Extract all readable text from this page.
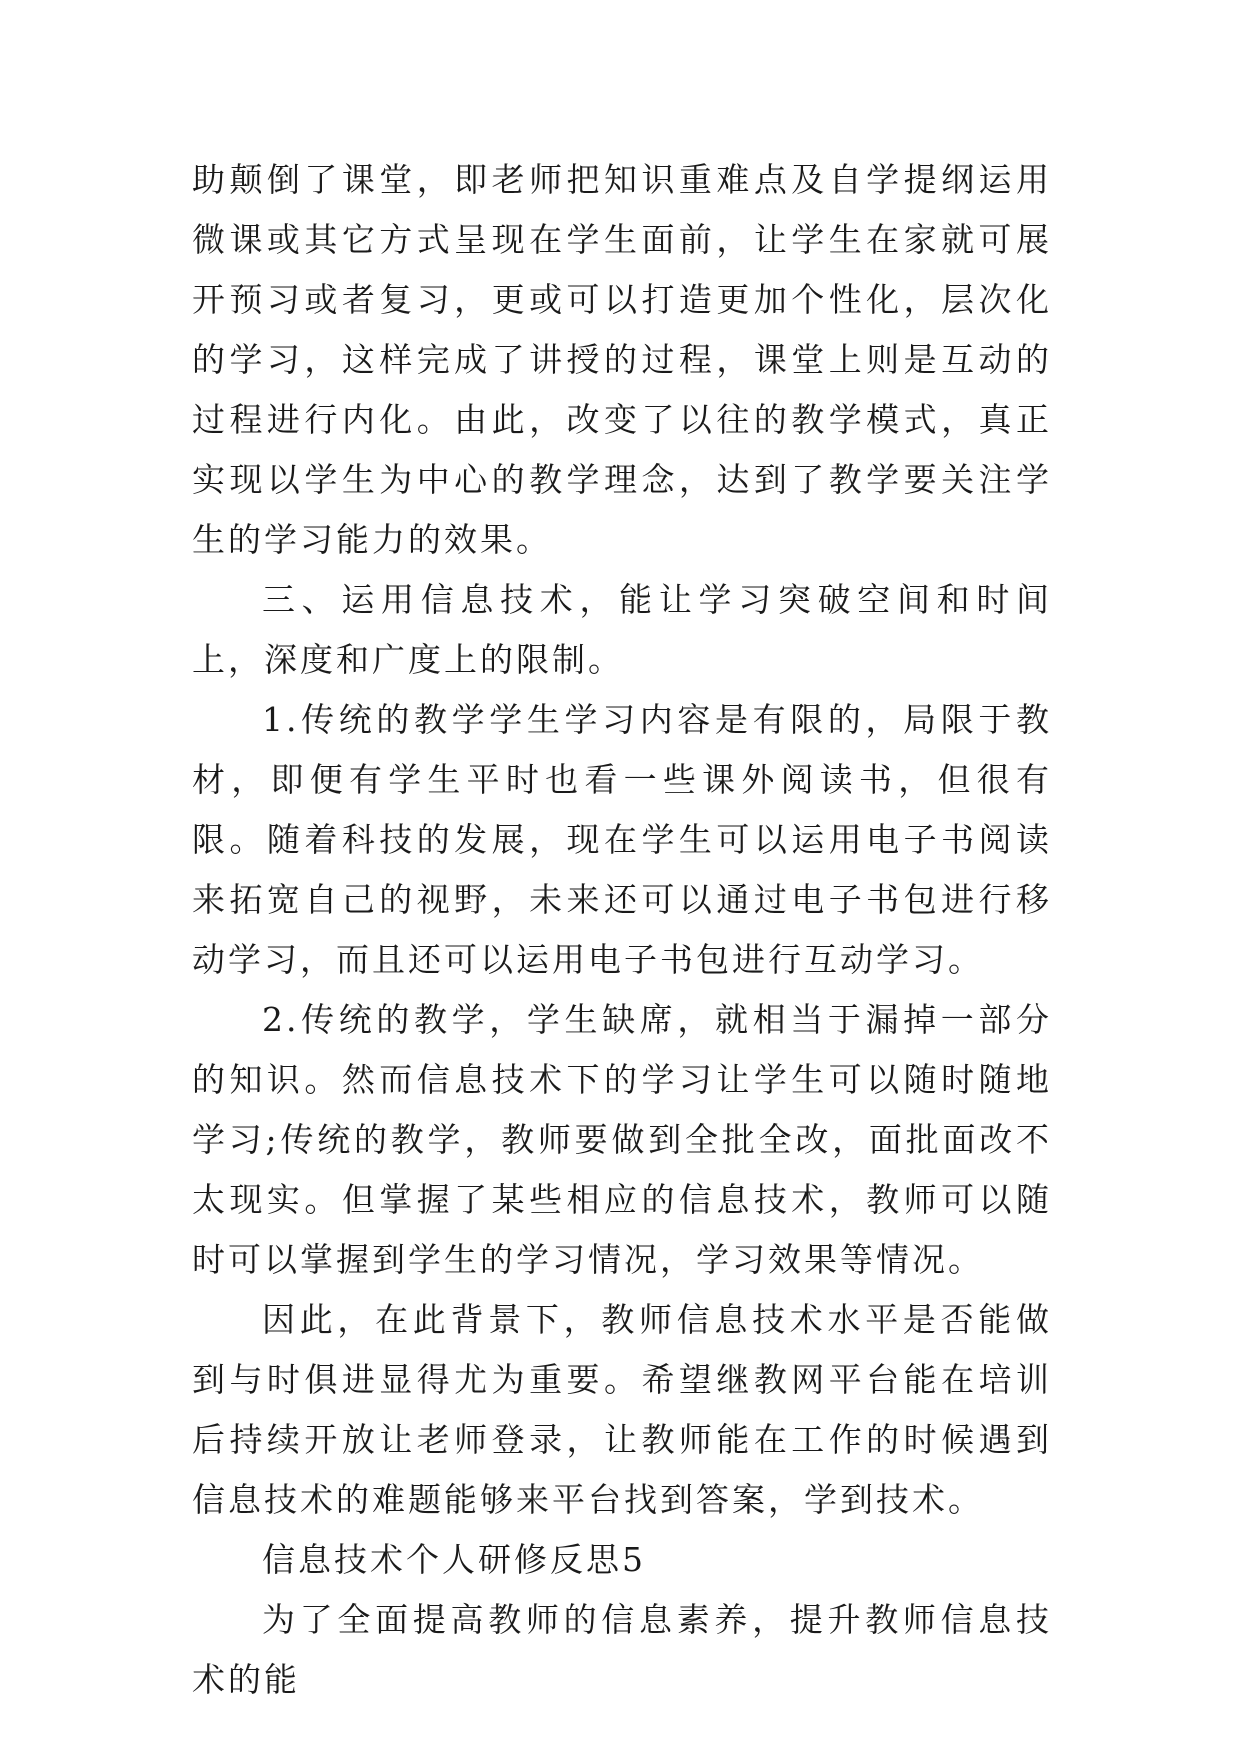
助颠倒了课堂，即老师把知识重难点及自学提纲运用微课或其它方式呈现在学生面前，让学生在家就可展开预习或者复习，更或可以打造更加个性化，层次化的学习，这样完成了讲授的过程，课堂上则是互动的过程进行内化。由此，改变了以往的教学模式，真正实现以学生为中心的教学理念，达到了教学要关注学生的学习能力的效果。

三、运用信息技术，能让学习突破空间和时间上，深度和广度上的限制。

1.传统的教学学生学习内容是有限的，局限于教材，即便有学生平时也看一些课外阅读书，但很有限。随着科技的发展，现在学生可以运用电子书阅读来拓宽自己的视野，未来还可以通过电子书包进行移动学习，而且还可以运用电子书包进行互动学习。

2.传统的教学，学生缺席，就相当于漏掉一部分的知识。然而信息技术下的学习让学生可以随时随地学习;传统的教学，教师要做到全批全改，面批面改不太现实。但掌握了某些相应的信息技术，教师可以随时可以掌握到学生的学习情况，学习效果等情况。

因此，在此背景下，教师信息技术水平是否能做到与时俱进显得尤为重要。希望继教网平台能在培训后持续开放让老师登录，让教师能在工作的时候遇到信息技术的难题能够来平台找到答案，学到技术。

信息技术个人研修反思5

为了全面提高教师的信息素养，提升教师信息技术的能
